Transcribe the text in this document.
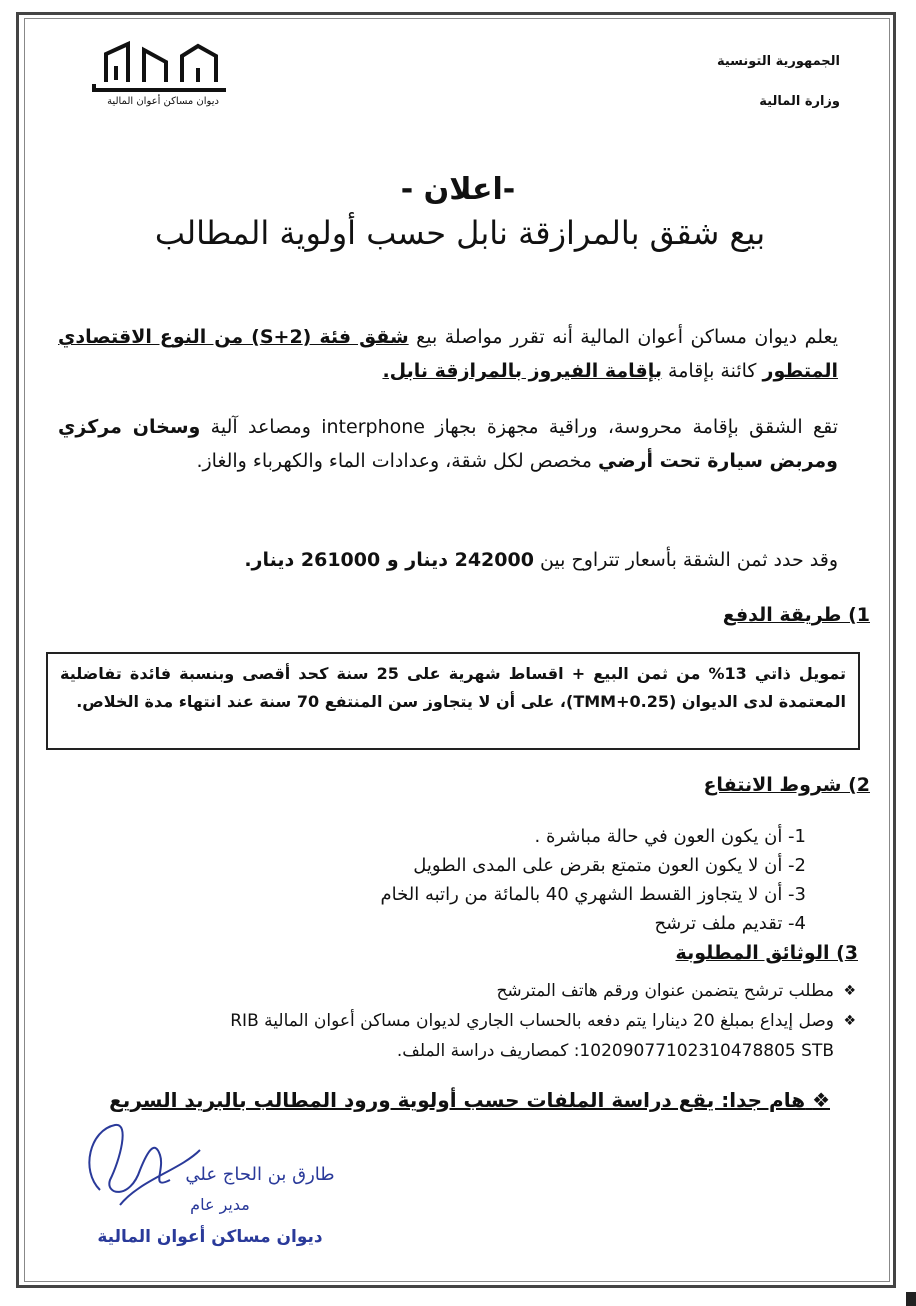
الجمهورية التونسية
وزارة المالية
ديوان مساكن أعوان المالية
-اعلان -
بيع شقق بالمرازقة نابل حسب أولوية المطالب
يعلم ديوان مساكن أعوان المالية أنه تقرر مواصلة بيع شقق فئة (S+2) من النوع الاقتصادي المتطور كائنة بإقامة بإقامة الفيروز بالمرازقة نابل.
تقع الشقق بإقامة محروسة، وراقية مجهزة بجهاز interphone ومصاعد آلية وسخان مركزي ومربض سيارة تحت أرضي مخصص لكل شقة، وعدادات الماء والكهرباء والغاز.
وقد حدد ثمن الشقة بأسعار تتراوح بين 242000 دينار و 261000 دينار.
1) طريقة الدفع
تمويل ذاتي 13% من ثمن البيع + اقساط شهرية على 25 سنة كحد أقصى وبنسبة فائدة تفاضلية المعتمدة لدى الديوان (TMM+0.25)، على أن لا يتجاوز سن المنتفع 70 سنة عند انتهاء مدة الخلاص.
2) شروط الانتفاع
1- أن يكون العون في حالة مباشرة .
2- أن لا يكون العون متمتع بقرض على المدى الطويل
3- أن لا يتجاوز القسط الشهري 40 بالمائة من راتبه الخام
4- تقديم ملف ترشح
3) الوثائق المطلوبة
❖
مطلب ترشح يتضمن عنوان ورقم هاتف المترشح
❖
وصل إيداع بمبلغ 20 دينارا يتم دفعه بالحساب الجاري لديوان مساكن أعوان المالية RIB :10209077102310478805 STB كمصاريف دراسة الملف.
❖ هام جدا: يقع دراسة الملفات حسب أولوية ورود المطالب بالبريد السريع
طارق بن الحاج علي
مدير عام
ديوان مساكن أعوان المالية
